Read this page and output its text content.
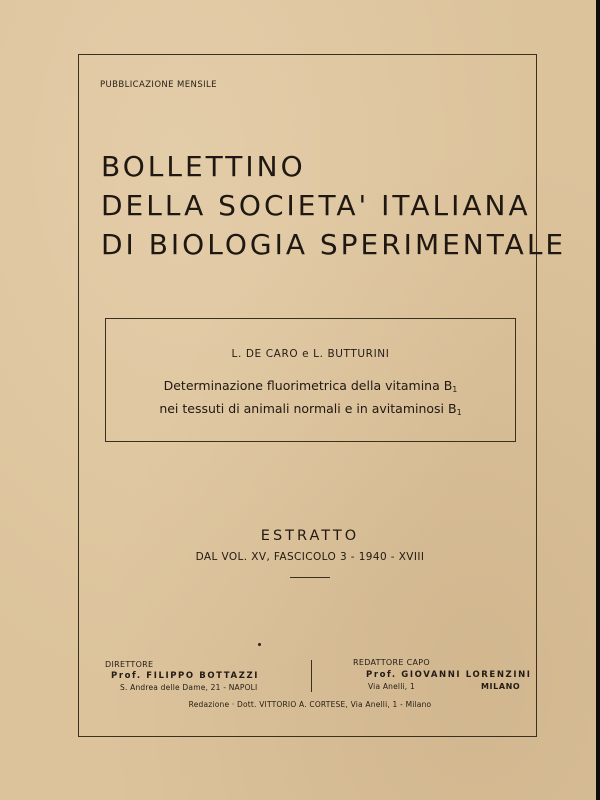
PUBBLICAZIONE MENSILE
BOLLETTINO
DELLA SOCIETA' ITALIANA
DI BIOLOGIA SPERIMENTALE
L. DE CARO e L. BUTTURINI
Determinazione fluorimetrica della vitamina $B_1$
nei tessuti di animali normali e in avitaminosi $B_1$
ESTRATTO
DAL VOL. XV, FASCICOLO 3 - 1940 - XVIII
DIRETTORE
Prof. FILIPPO BOTTAZZI
S. Andrea delle Dame, 21 - NAPOLI
REDATTORE CAPO
Prof. GIOVANNI LORENZINI
Via Anelli, 1	MILANO
Redazione · Dott. VITTORIO A. CORTESE, Via Anelli, 1 - Milano
